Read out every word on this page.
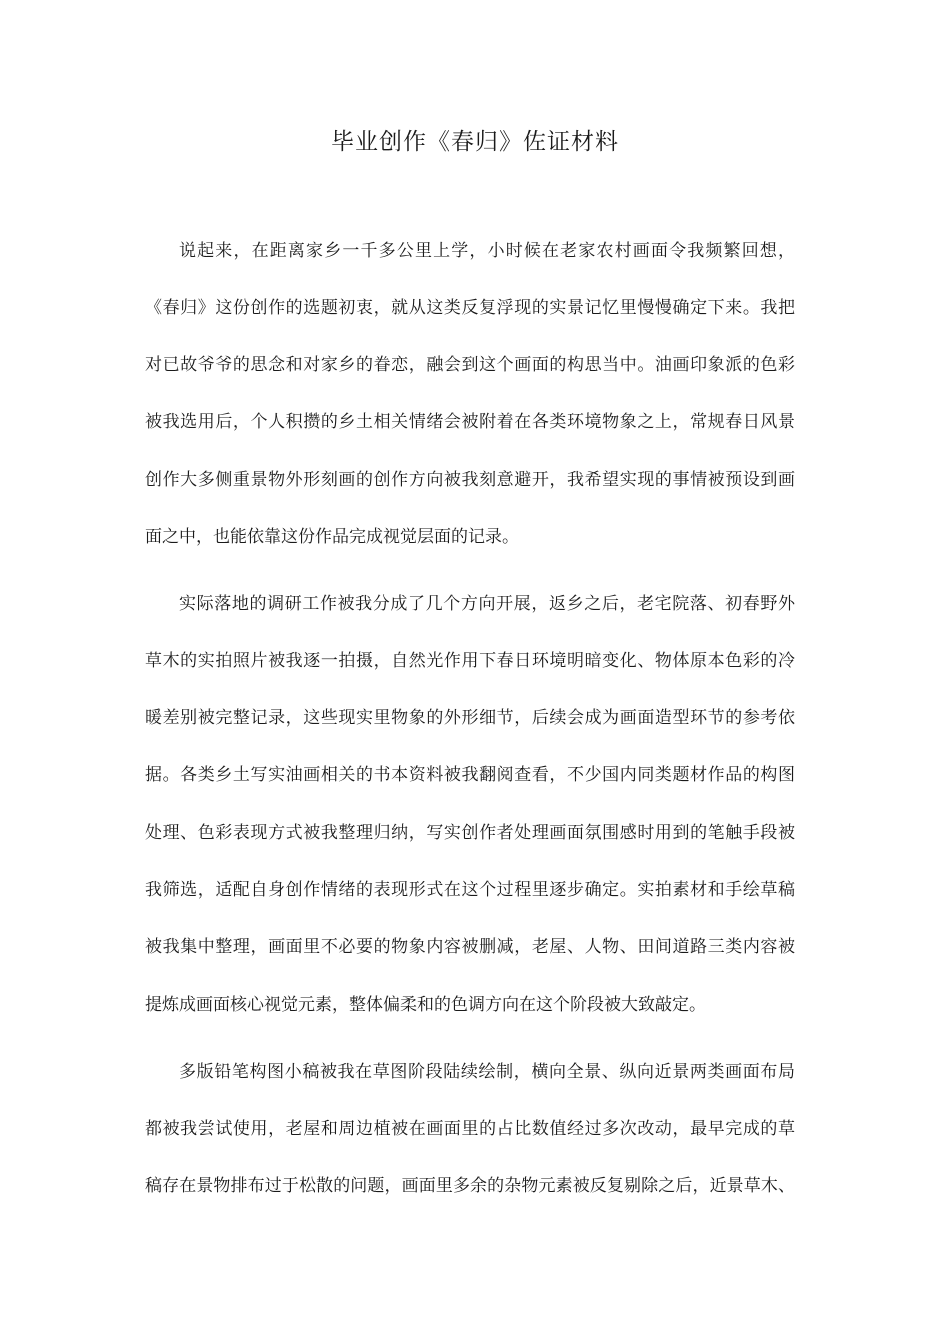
毕业创作《春归》佐证材料

说起来，在距离家乡一千多公里上学，小时候在老家农村画面令我频繁回想，

《春归》这份创作的选题初衷，就从这类反复浮现的实景记忆里慢慢确定下来。我把

对已故爷爷的思念和对家乡的眷恋，融会到这个画面的构思当中。油画印象派的色彩

被我选用后，个人积攒的乡土相关情绪会被附着在各类环境物象之上，常规春日风景

创作大多侧重景物外形刻画的创作方向被我刻意避开，我希望实现的事情被预设到画

面之中，也能依靠这份作品完成视觉层面的记录。

实际落地的调研工作被我分成了几个方向开展，返乡之后，老宅院落、初春野外

草木的实拍照片被我逐一拍摄，自然光作用下春日环境明暗变化、物体原本色彩的冷

暖差别被完整记录，这些现实里物象的外形细节，后续会成为画面造型环节的参考依

据。各类乡土写实油画相关的书本资料被我翻阅查看，不少国内同类题材作品的构图

处理、色彩表现方式被我整理归纳，写实创作者处理画面氛围感时用到的笔触手段被

我筛选，适配自身创作情绪的表现形式在这个过程里逐步确定。实拍素材和手绘草稿

被我集中整理，画面里不必要的物象内容被删减，老屋、人物、田间道路三类内容被

提炼成画面核心视觉元素，整体偏柔和的色调方向在这个阶段被大致敲定。

多版铅笔构图小稿被我在草图阶段陆续绘制，横向全景、纵向近景两类画面布局

都被我尝试使用，老屋和周边植被在画面里的占比数值经过多次改动，最早完成的草

稿存在景物排布过于松散的问题，画面里多余的杂物元素被反复剔除之后，近景草木、
